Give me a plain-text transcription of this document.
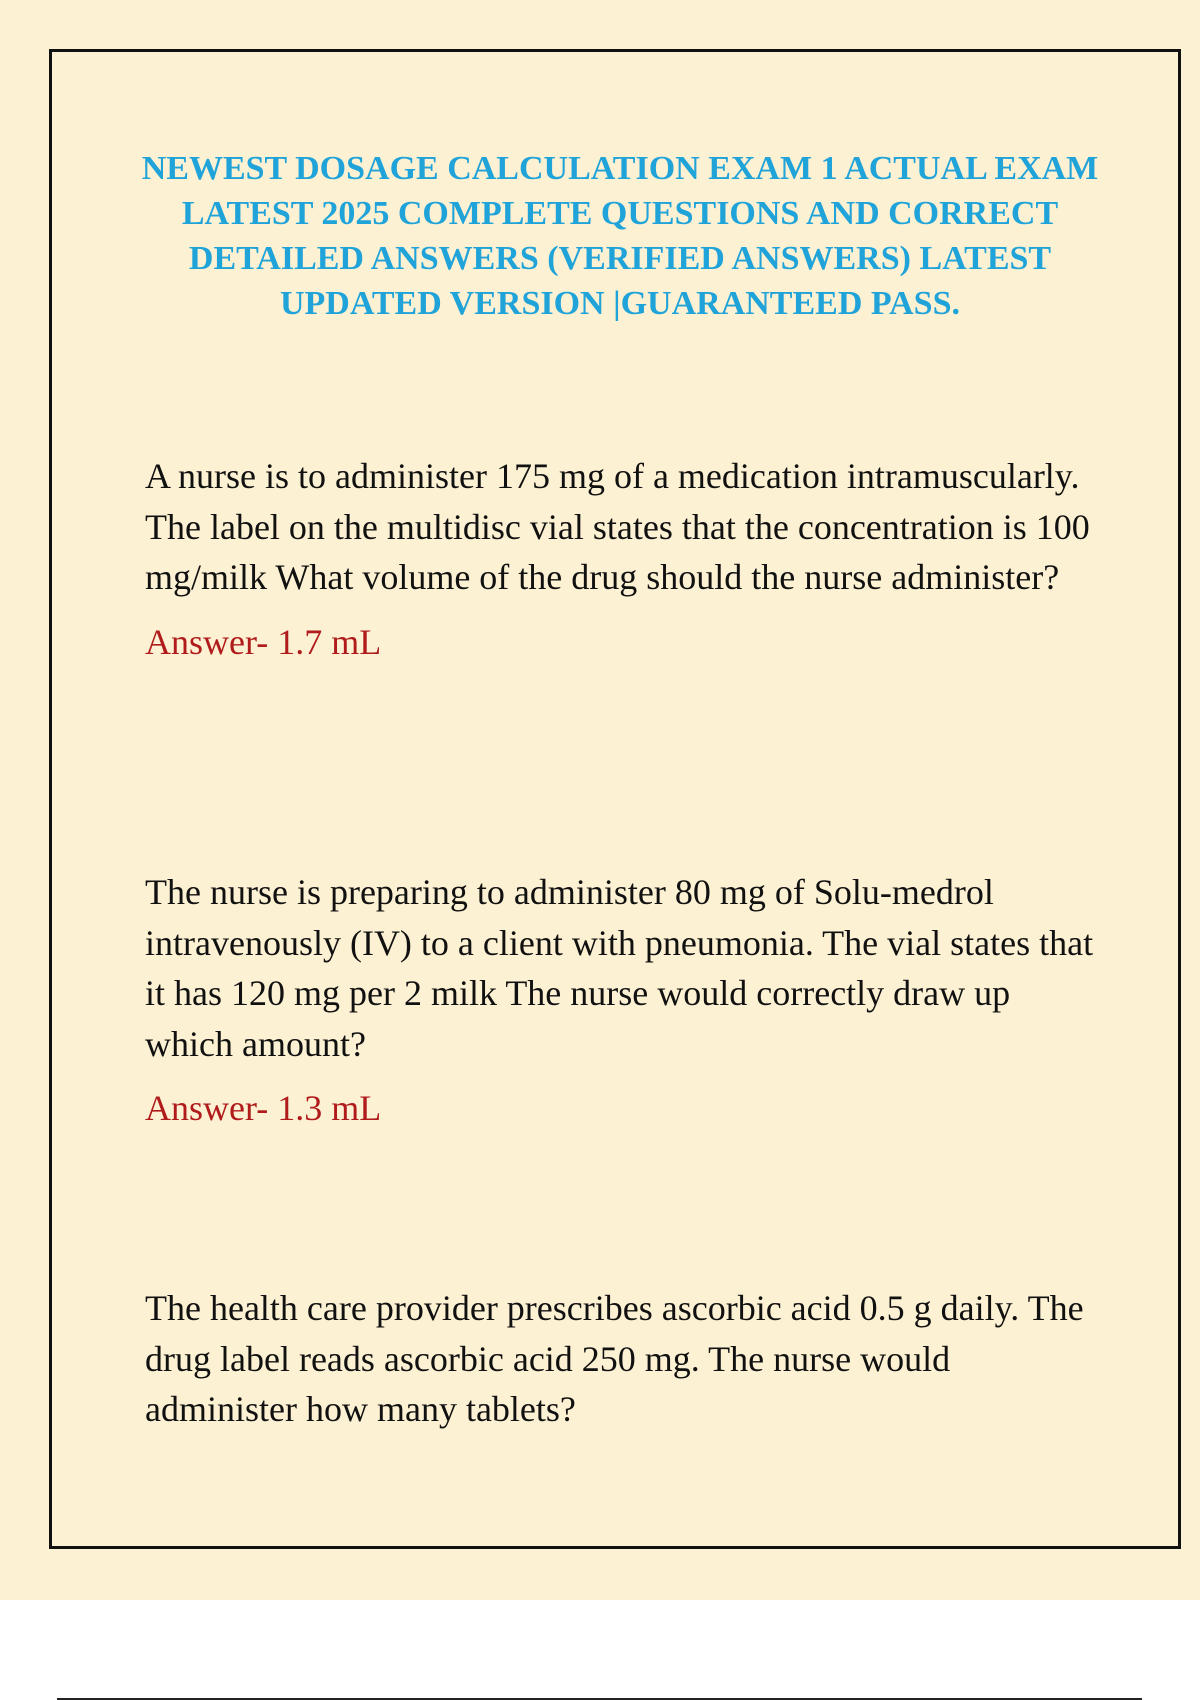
NEWEST DOSAGE CALCULATION EXAM 1 ACTUAL EXAM LATEST 2025 COMPLETE QUESTIONS AND CORRECT DETAILED ANSWERS (VERIFIED ANSWERS) LATEST UPDATED VERSION |GUARANTEED PASS.

A nurse is to administer 175 mg of a medication intramuscularly. The label on the multidisc vial states that the concentration is 100 mg/milk What volume of the drug should the nurse administer?

Answer- 1.7 mL

The nurse is preparing to administer 80 mg of Solu-medrol intravenously (IV) to a client with pneumonia. The vial states that it has 120 mg per 2 milk The nurse would correctly draw up which amount?

Answer- 1.3 mL

The health care provider prescribes ascorbic acid 0.5 g daily. The drug label reads ascorbic acid 250 mg. The nurse would administer how many tablets?
